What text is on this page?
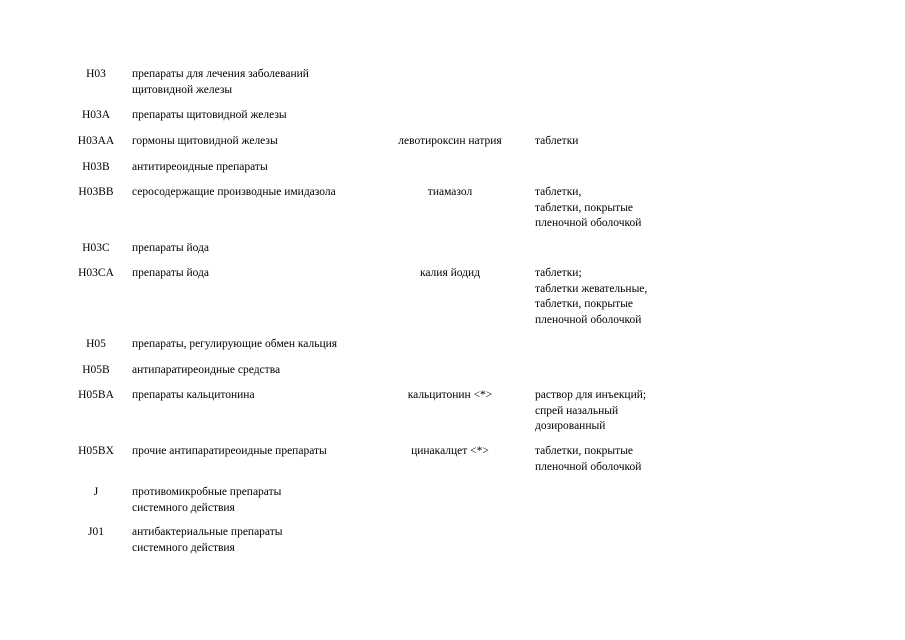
H03	препараты для лечения заболеваний
щитовидной железы
H03A	препараты щитовидной железы
H03AA	гормоны щитовидной железы	левотироксин натрия	таблетки
H03B	антитиреоидные препараты
H03BB	серосодержащие производные имидазола	тиамазол	таблетки,
таблетки, покрытые
пленочной оболочкой
H03C	препараты йода
H03CA	препараты йода	калия йодид	таблетки;
таблетки жевательные,
таблетки, покрытые
пленочной оболочкой
H05	препараты, регулирующие обмен кальция
H05B	антипаратиреоидные средства
H05BA	препараты кальцитонина	кальцитонин <*>	раствор для инъекций;
спрей назальный
дозированный
H05BX	прочие антипаратиреоидные препараты	цинакалцет <*>	таблетки, покрытые
пленочной оболочкой
J	противомикробные препараты
системного действия
J01	антибактериальные препараты
системного действия
